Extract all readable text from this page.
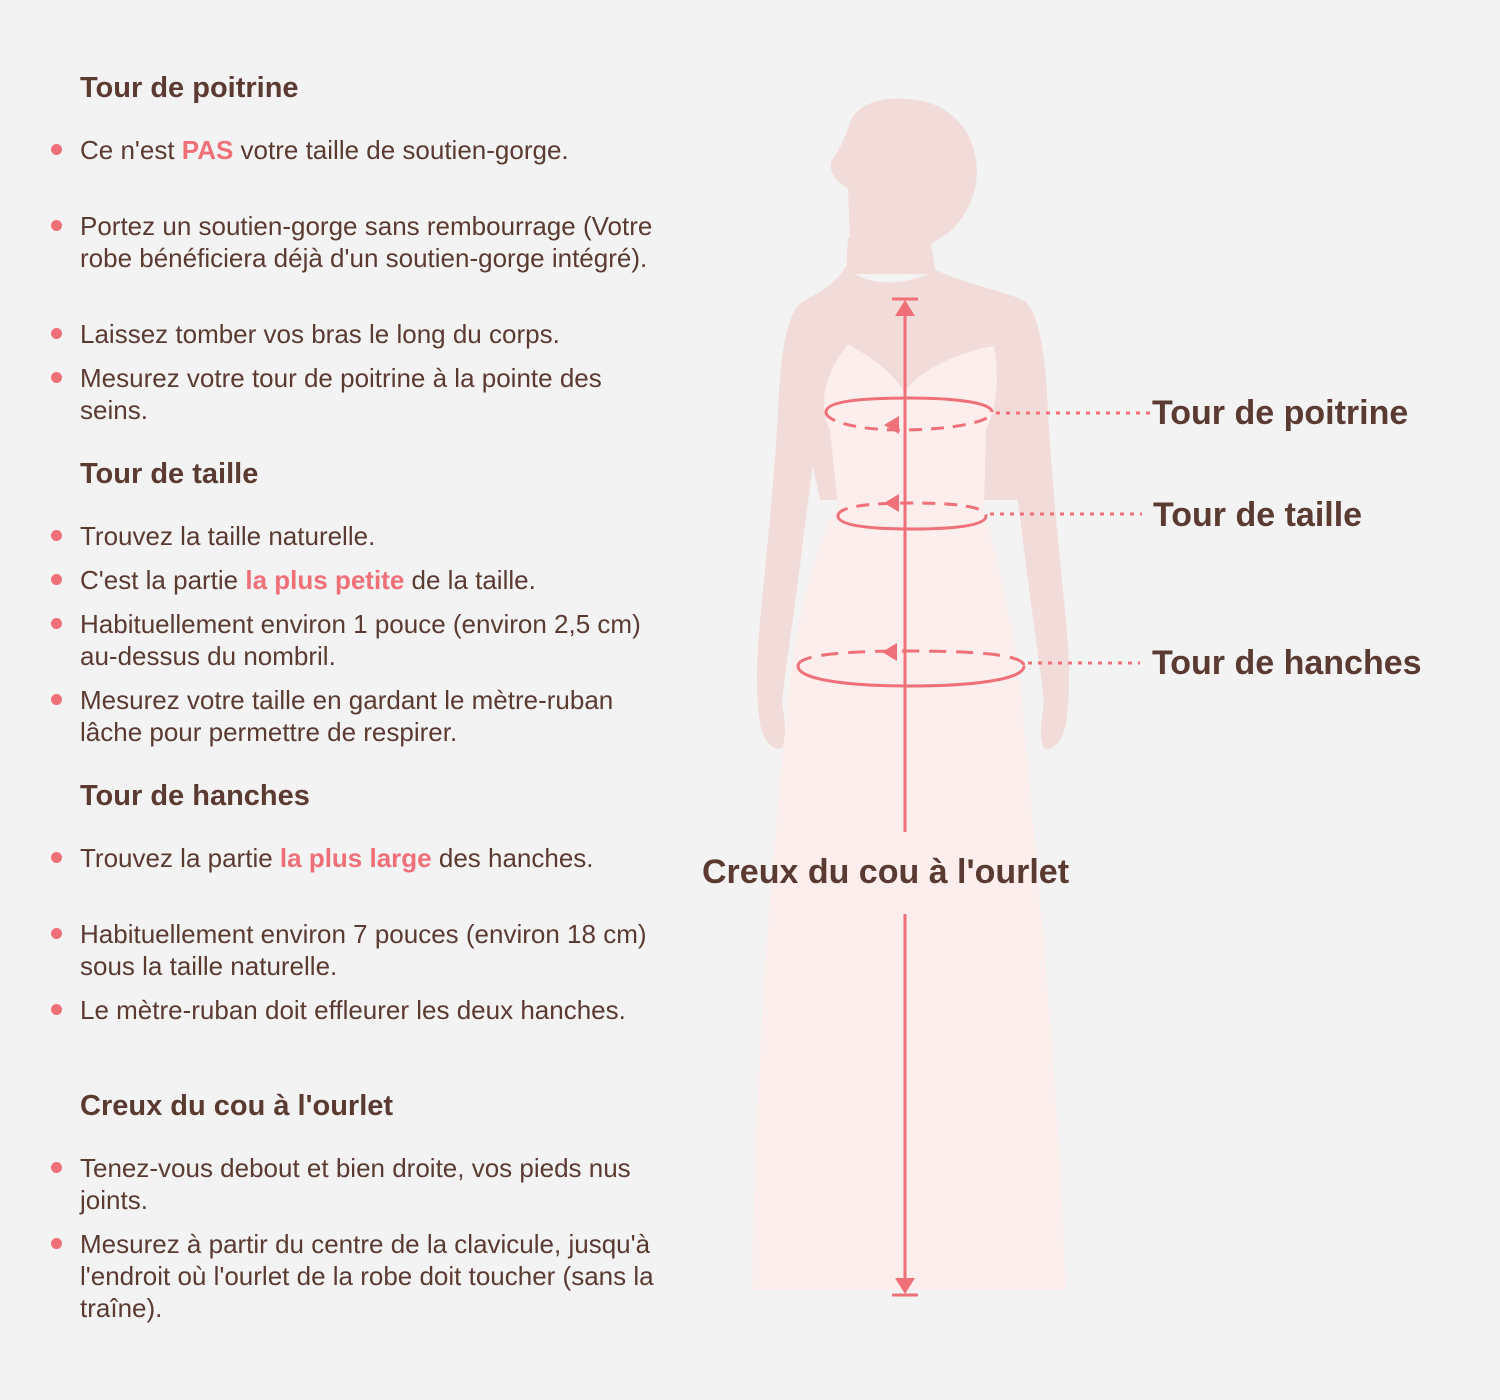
Tour de poitrine
Ce n'est PAS votre taille de soutien-gorge.
Portez un soutien-gorge sans rembourrage (Votre robe bénéficiera déjà d'un soutien-gorge intégré).
Laissez tomber vos bras le long du corps.
Mesurez votre tour de poitrine à la pointe des seins.
Tour de taille
Trouvez la taille naturelle.
C'est la partie la plus petite de la taille.
Habituellement environ 1 pouce (environ 2,5 cm) au-dessus du nombril.
Mesurez votre taille en gardant le mètre-ruban lâche pour permettre de respirer.
Tour de hanches
Trouvez la partie la plus large des hanches.
Habituellement environ 7 pouces (environ 18 cm) sous la taille naturelle.
Le mètre-ruban doit effleurer les deux hanches.
Creux du cou à l'ourlet
Tenez-vous debout et bien droite, vos pieds nus joints.
Mesurez à partir du centre de la clavicule, jusqu'à l'endroit où l'ourlet de la robe doit toucher (sans la traîne).
Tour de poitrine
Tour de taille
Tour de hanches
Creux du cou à l'ourlet
